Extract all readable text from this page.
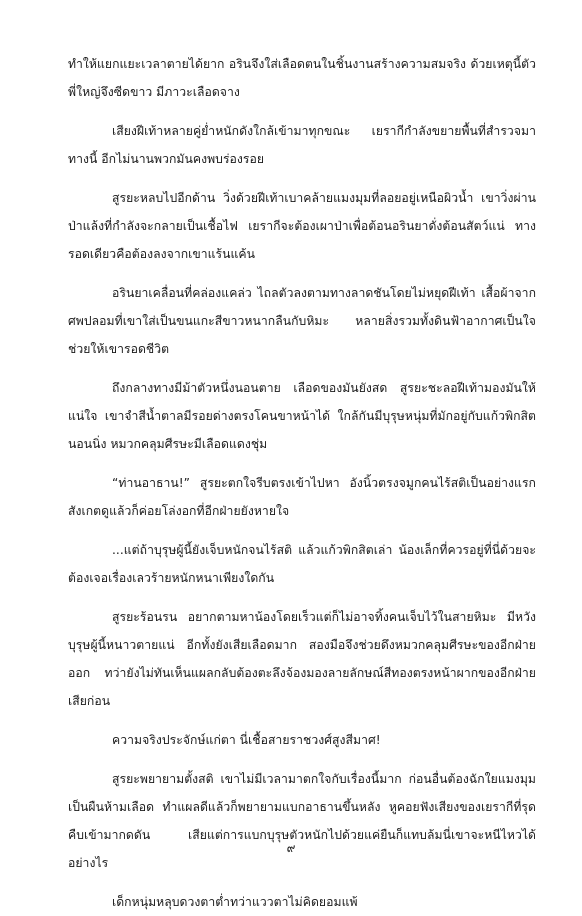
ทำให้แยกแยะเวลาตายได้ยาก อรินจึงใส่เลือดตนในชิ้นงานสร้างความสมจริง ด้วยเหตุนี้ตัวพี่ใหญ่จึงซีดขาว มีภาวะเลือดจาง

เสียงฝีเท้าหลายคู่ย่ำหนักดังใกล้เข้ามาทุกขณะ เยรากีกำลังขยายพื้นที่สำรวจมาทางนี้ อีกไม่นานพวกมันคงพบร่องรอย

สูรยะหลบไปอีกด้าน วิ่งด้วยฝีเท้าเบาคล้ายแมงมุมที่ลอยอยู่เหนือผิวน้ำ เขาวิ่งผ่านป่าแล้งที่กำลังจะกลายเป็นเชื้อไฟ เยรากีจะต้องเผาป่าเพื่อต้อนอรินยาดั่งต้อนสัตว์แน่ ทางรอดเดียวคือต้องลงจากเขาแร้นแค้น

อรินยาเคลื่อนที่คล่องแคล่ว ไถลตัวลงตามทางลาดชันโดยไม่หยุดฝีเท้า เสื้อผ้าจากศพปลอมที่เขาใส่เป็นขนแกะสีขาวหนากลืนกับหิมะ หลายสิ่งรวมทั้งดินฟ้าอากาศเป็นใจช่วยให้เขารอดชีวิต

ถึงกลางทางมีม้าตัวหนึ่งนอนตาย เลือดของมันยังสด สูรยะชะลอฝีเท้ามองมันให้แน่ใจ เขาจำสีน้ำตาลมีรอยด่างตรงโคนขาหน้าได้ ใกล้กันมีบุรุษหนุ่มที่มักอยู่กับแก้วพิกสิตนอนนิ่ง หมวกคลุมศีรษะมีเลือดแดงชุ่ม

“ท่านอาธาน!” สูรยะตกใจรีบตรงเข้าไปหา อังนิ้วตรงจมูกคนไร้สติเป็นอย่างแรก สังเกตดูแล้วก็ค่อยโล่งอกที่อีกฝ่ายยังหายใจ

...แต่ถ้าบุรุษผู้นี้ยังเจ็บหนักจนไร้สติ แล้วแก้วพิกสิตเล่า น้องเล็กที่ควรอยู่ที่นี่ด้วยจะต้องเจอเรื่องเลวร้ายหนักหนาเพียงใดกัน

สูรยะร้อนรน อยากตามหาน้องโดยเร็วแต่ก็ไม่อาจทิ้งคนเจ็บไว้ในสายหิมะ มีหวังบุรุษผู้นี้หนาวตายแน่ อีกทั้งยังเสียเลือดมาก สองมือจึงช่วยดึงหมวกคลุมศีรษะของอีกฝ่ายออก ทว่ายังไม่ทันเห็นแผลกลับต้องตะลึงจ้องมองลายลักษณ์สีทองตรงหน้าผากของอีกฝ่ายเสียก่อน

ความจริงประจักษ์แก่ตา นี่เชื้อสายราชวงศ์สูงสีมาศ!

สูรยะพยายามตั้งสติ เขาไม่มีเวลามาตกใจกับเรื่องนี้มาก ก่อนอื่นต้องฉักใยแมงมุมเป็นผืนห้ามเลือด ทำแผลดีแล้วก็พยายามแบกอาธานขึ้นหลัง หูคอยฟังเสียงของเยรากีที่รุดคืบเข้ามากดดัน เสียแต่การแบกบุรุษตัวหนักไปด้วยแค่ยืนก็แทบล้มนี่เขาจะหนีไหวได้อย่างไร

เด็กหนุ่มหลุบดวงตาต่ำทว่าแววตาไม่คิดยอมแพ้

๙
